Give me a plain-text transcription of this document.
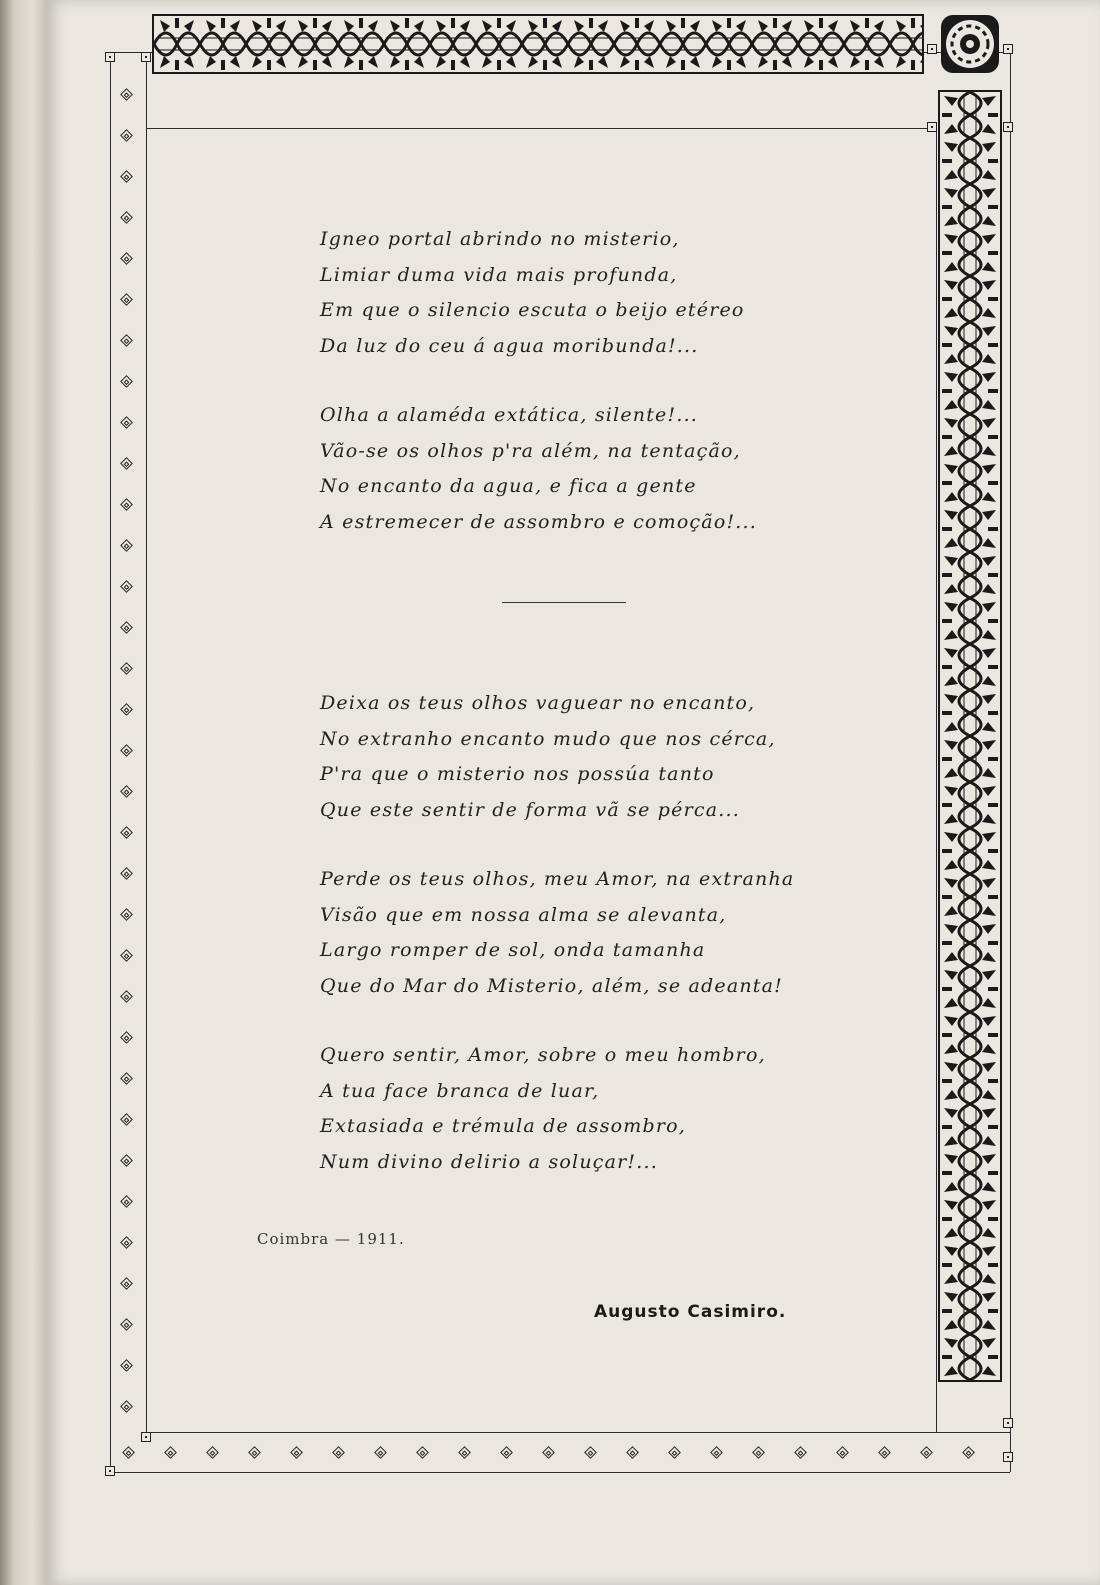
Igneo portal abrindo no misterio,
Limiar duma vida mais profunda,
Em que o silencio escuta o beijo etéreo
Da luz do ceu á agua moribunda!...
Olha a alaméda extática, silente!...
Vão-se os olhos p'ra além, na tentação,
No encanto da agua, e fica a gente
A estremecer de assombro e comoção!...
Deixa os teus olhos vaguear no encanto,
No extranho encanto mudo que nos cérca,
P'ra que o misterio nos possúa tanto
Que este sentir de forma vã se pérca...
Perde os teus olhos, meu Amor, na extranha
Visão que em nossa alma se alevanta,
Largo romper de sol, onda tamanha
Que do Mar do Misterio, além, se adeanta!
Quero sentir, Amor, sobre o meu hombro,
A tua face branca de luar,
Extasiada e trémula de assombro,
Num divino delirio a soluçar!...
Coimbra — 1911.
Augusto Casimiro.
